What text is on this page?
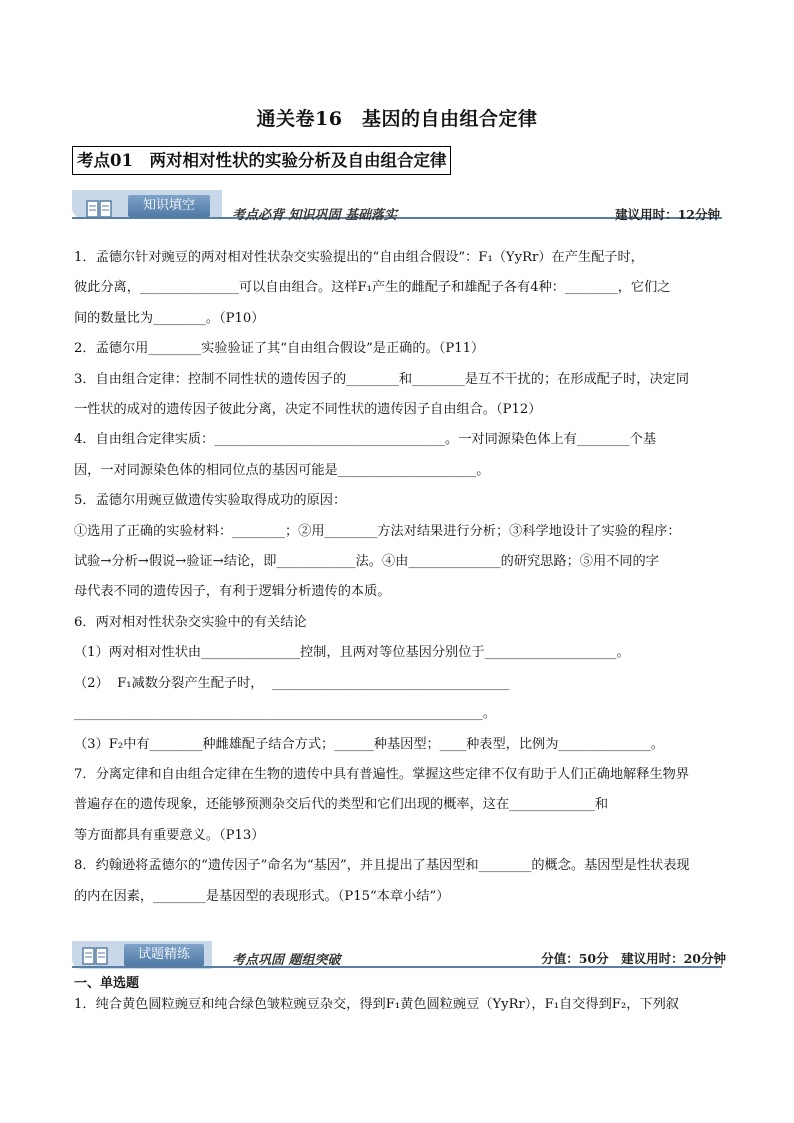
通关卷16　基因的自由组合定律
考点01　两对相对性状的实验分析及自由组合定律
知识填空
考点必背 知识巩固 基础落实	建议用时：12分钟

1．孟德尔针对豌豆的两对相对性状杂交实验提出的“自由组合假设”：F₁（YyRr）在产生配子时，

彼此分离，_______________可以自由组合。这样F₁产生的雌配子和雄配子各有4种：________，它们之

间的数量比为________。（P10）

2．孟德尔用________实验验证了其“自由组合假设”是正确的。（P11）

3．自由组合定律：控制不同性状的遗传因子的________和________是互不干扰的；在形成配子时，决定同

一性状的成对的遗传因子彼此分离，决定不同性状的遗传因子自由组合。（P12）

4．自由组合定律实质：___________________________________。一对同源染色体上有________个基

因，一对同源染色体的相同位点的基因可能是_____________________。

5．孟德尔用豌豆做遗传实验取得成功的原因：

①选用了正确的实验材料：________；②用________方法对结果进行分析；③科学地设计了实验的程序：

试验→分析→假说→验证→结论，即____________法。④由______________的研究思路；⑤用不同的字

母代表不同的遗传因子，有利于逻辑分析遗传的本质。

6．两对相对性状杂交实验中的有关结论

（1）两对相对性状由_______________控制，且两对等位基因分别位于____________________。

（2）  F₁减数分裂产生配子时，  ____________________________________

______________________________________________________________。

（3）F₂中有________种雌雄配子结合方式；______种基因型；____种表型，比例为______________。

7．分离定律和自由组合定律在生物的遗传中具有普遍性。掌握这些定律不仅有助于人们正确地解释生物界

普遍存在的遗传现象，还能够预测杂交后代的类型和它们出现的概率，这在_____________和

等方面都具有重要意义。（P13）

8．约翰逊将孟德尔的“遗传因子”命名为“基因”，并且提出了基因型和________的概念。基因型是性状表现

的内在因素，________是基因型的表现形式。（P15“本章小结”）

试题精练	考点巩固 题组突破	分值：50分　建议用时：20分钟
一、单选题
1．纯合黄色圆粒豌豆和纯合绿色皱粒豌豆杂交，得到F₁黄色圆粒豌豆（YyRr），F₁自交得到F₂，下列叙
